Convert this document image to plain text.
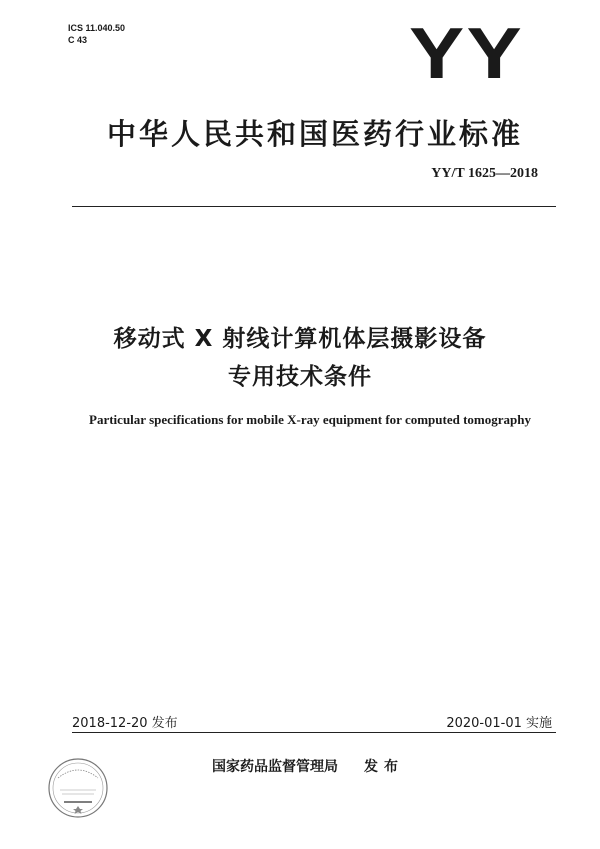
ICS 11.040.50
C 43	YY
中华人民共和国医药行业标准
YY/T 1625—2018
移动式 X 射线计算机体层摄影设备
专用技术条件
Particular specifications for mobile X-ray equipment for computed tomography
2018-12-20 发布	2020-01-01 实施
国家药品监督管理局 发布
